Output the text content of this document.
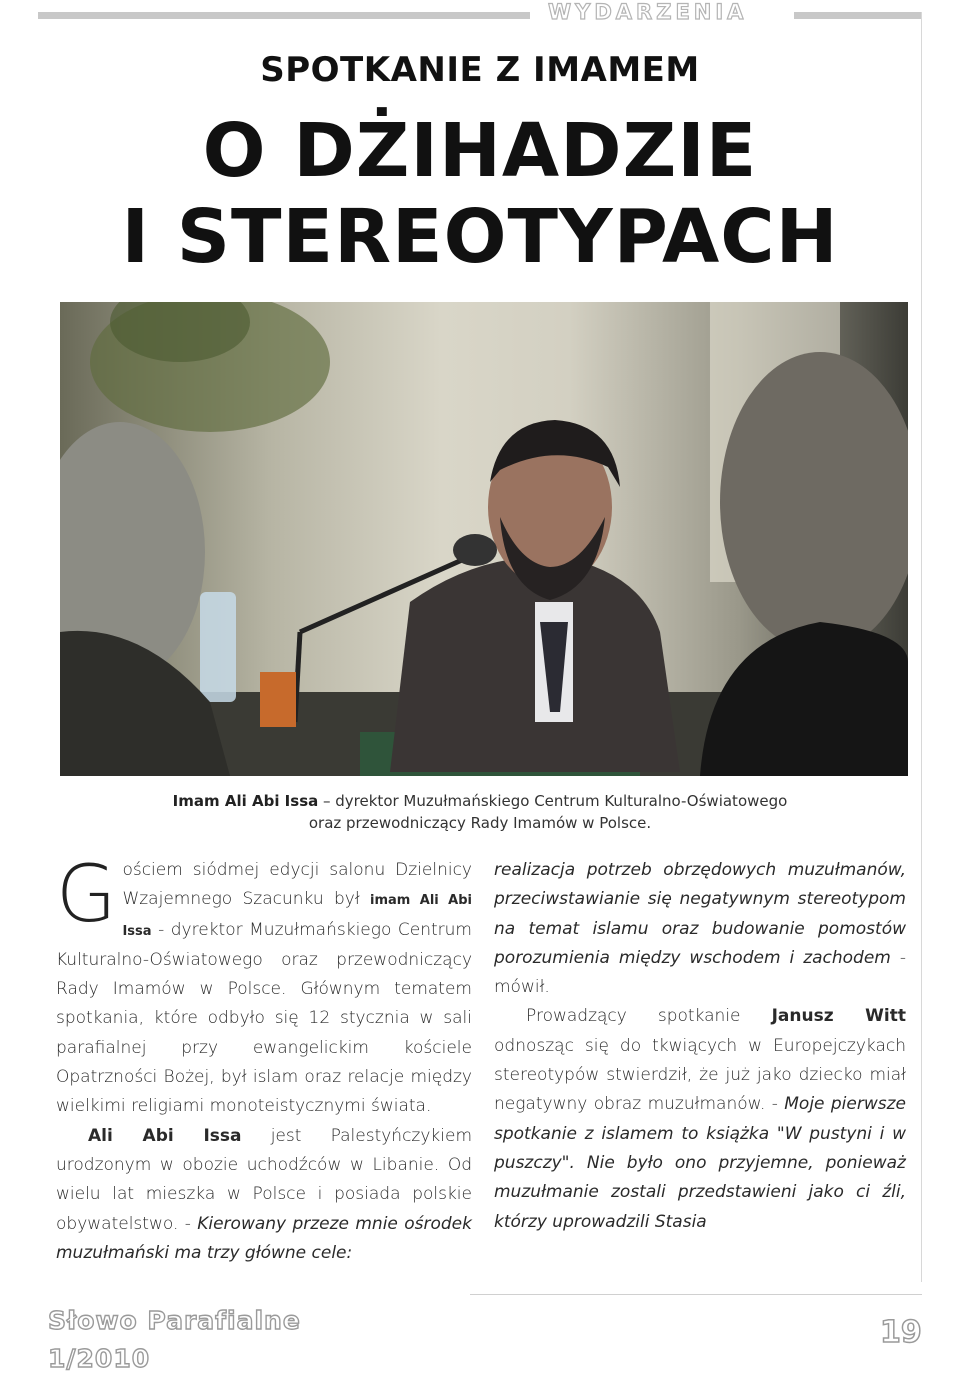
WYDARZENIA
SPOTKANIE Z IMAMEM
O DŻIHADZIE
I STEREOTYPACH
Imam Ali Abi Issa – dyrektor Muzułmańskiego Centrum Kulturalno-Oświatowego
oraz przewodniczący Rady Imamów w Polsce.

Gościem siódmej edycji salonu Dzielnicy Wzajemnego Szacunku był imam Ali Abi Issa - dyrektor Muzułmańskiego Centrum Kulturalno-Oświatowego oraz przewodniczący Rady Imamów w Polsce. Głównym tematem spotkania, które odbyło się 12 stycznia w sali parafialnej przy ewangelickim kościele Opatrzności Bożej, był islam oraz relacje między wielkimi religiami monoteistycznymi świata.

Ali Abi Issa jest Palestyńczykiem urodzonym w obozie uchodźców w Libanie. Od wielu lat mieszka w Polsce i posiada polskie obywatelstwo. - Kierowany przeze mnie ośrodek muzułmański ma trzy główne cele:

realizacja potrzeb obrzędowych muzułmanów, przeciwstawianie się negatywnym stereotypom na temat islamu oraz budowanie pomostów porozumienia między wschodem i zachodem - mówił.

Prowadzący spotkanie Janusz Witt odnosząc się do tkwiących w Europejczykach stereotypów stwierdził, że już jako dziecko miał negatywny obraz muzułmanów. - Moje pierwsze spotkanie z islamem to książka "W pustyni i w puszczy". Nie było ono przyjemne, ponieważ muzułmanie zostali przedstawieni jako ci źli, którzy uprowadzili Stasia

Słowo Parafialne
1/2010
19
